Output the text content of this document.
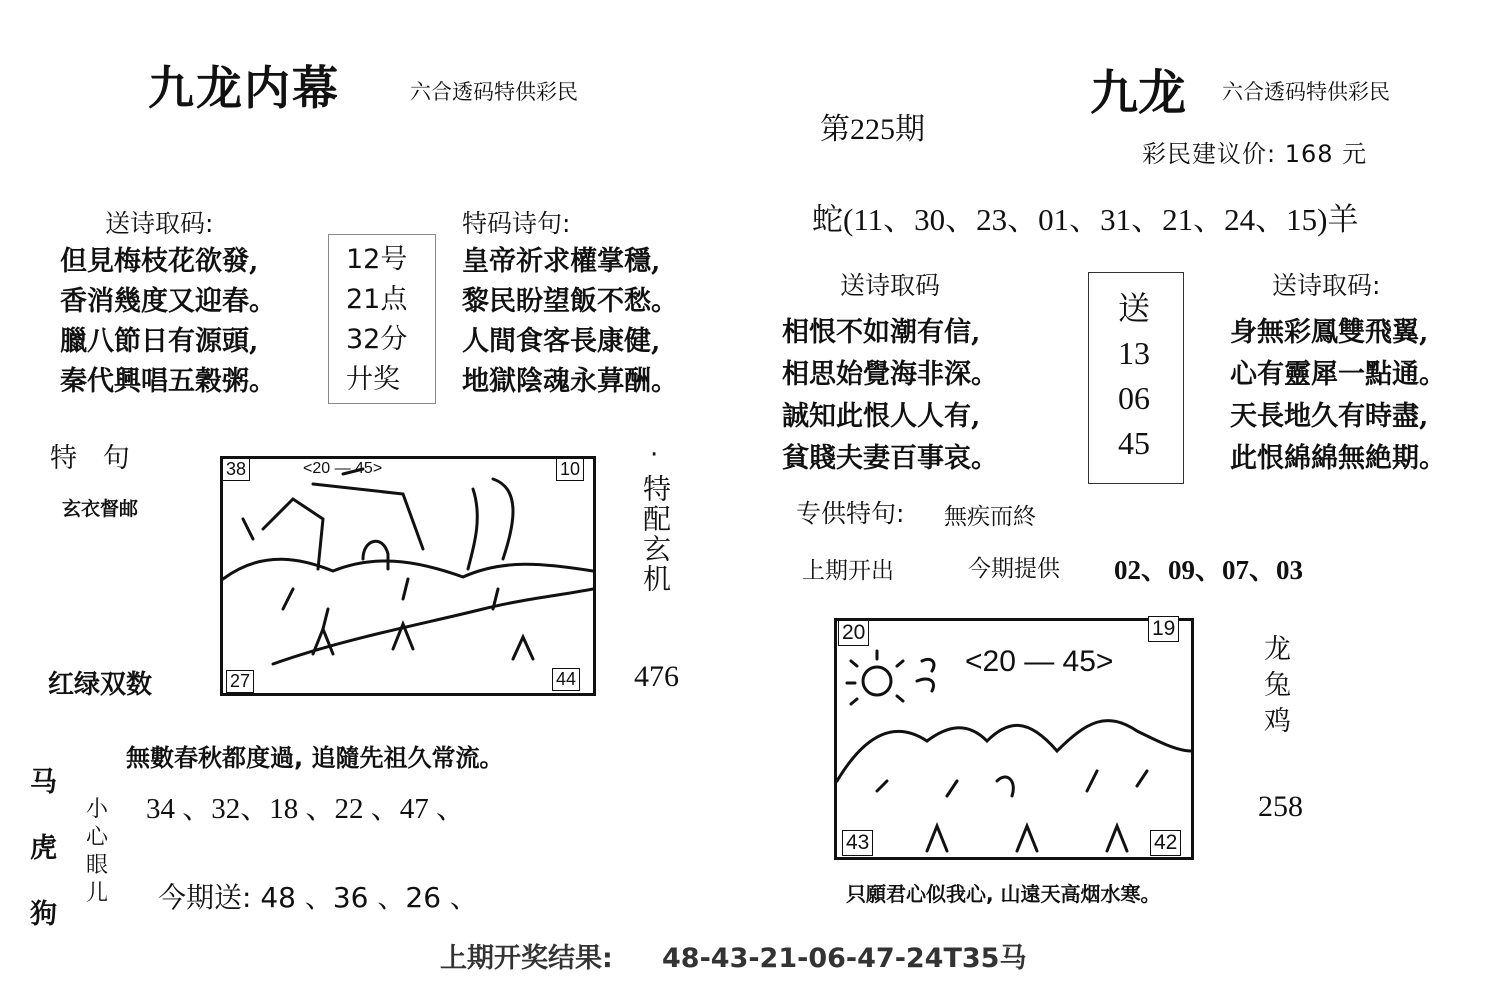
九龙内幕	六合透码特供彩民
送诗取码:
但見梅枝花欲發,
香消幾度又迎春。
臘八節日有源頭,
秦代興唱五穀粥。
12号
21点
32分
廾奖
特码诗句:
皇帝祈求權掌穩,
黎民盼望飯不愁。
人間食客長康健,
地獄陰魂永萛酬。
特   句
玄衣督邮
红绿双数
<20 — 45>
38	10
27	44
·
特配玄机
476
無數春秋都度過, 追隨先祖久常流。
马
虎
狗
小
心
眼
儿
34 、32、18 、22 、47 、
今期送: 48 、36 、26 、
第225期
九龙 六合透码特供彩民
彩民建议价: 168 元
蛇(11、30、23、01、31、21、24、15)羊
送诗取码
相恨不如潮有信,
相思始覺海非深。
誠知此恨人人有,
貧賤夫妻百事哀。
送
13
06
45
送诗取码:
身無彩鳳雙飛翼,
心有靈犀一點通。
天長地久有時盡,
此恨綿綿無絶期。
专供特句: 無疾而終
上期开出	今期提供 02、09、07、03
<20 — 45>
20	19
43	42
龙
兔
鸡
258
只願君心似我心, 山遠天高烟水寒。
上期开奖结果: 48-43-21-06-47-24T35马
